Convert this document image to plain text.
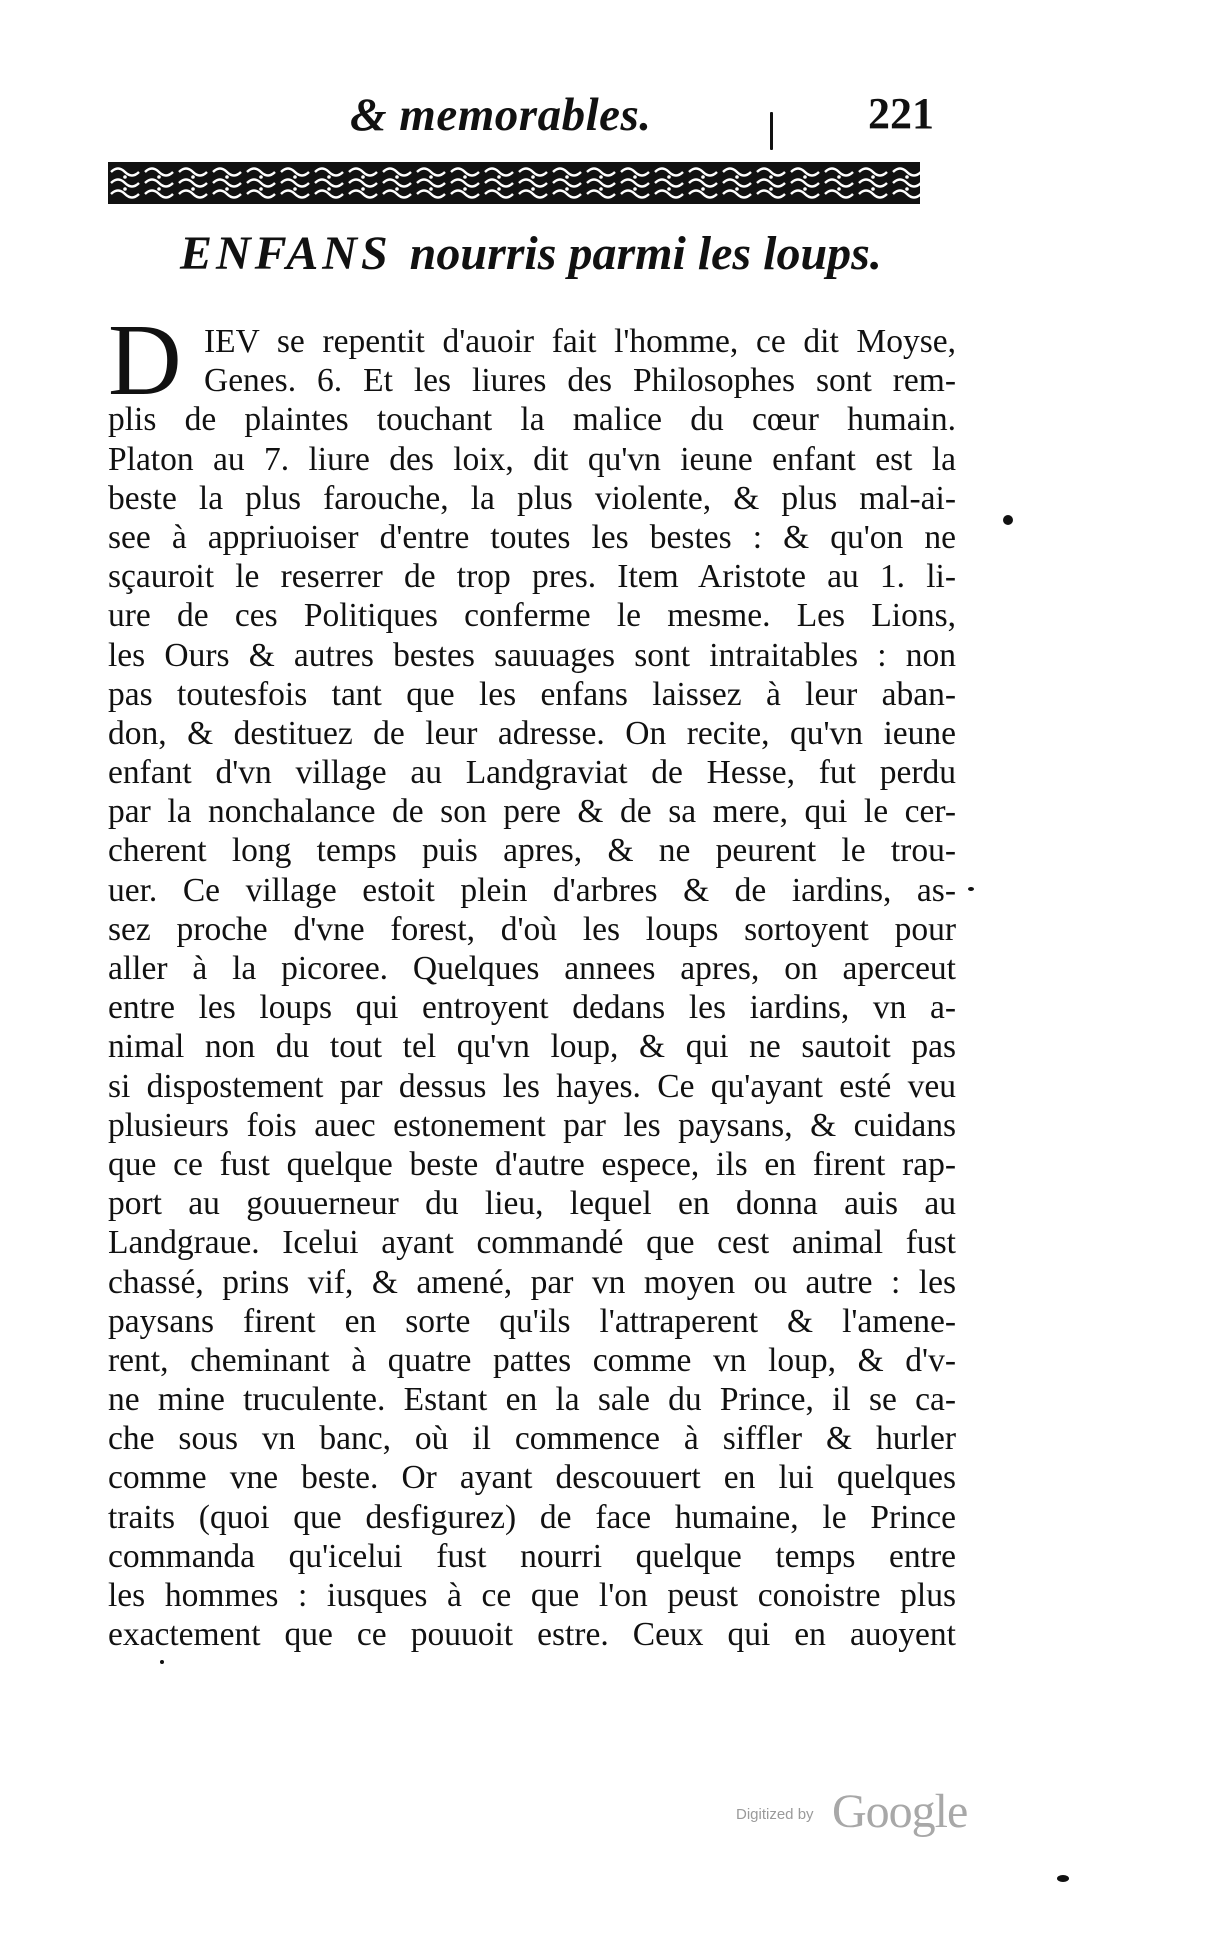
& memorables.	221
ENFANS nourris parmi les loups.
D IEV se repentit d'auoir fait l'homme, ce dit Moyse,
Genes. 6. Et les liures des Philosophes sont rem-
plis de plaintes touchant la malice du cœur humain.
Platon au 7. liure des loix, dit qu'vn ieune enfant est la
beste la plus farouche, la plus violente, & plus mal-ai-
see à appriuoiser d'entre toutes les bestes : & qu'on ne
sçauroit le reserrer de trop pres. Item Aristote au 1. li-
ure de ces Politiques conferme le mesme. Les Lions,
les Ours & autres bestes sauuages sont intraitables : non
pas toutesfois tant que les enfans laissez à leur aban-
don, & destituez de leur adresse. On recite, qu'vn ieune
enfant d'vn village au Landgraviat de Hesse, fut perdu
par la nonchalance de son pere & de sa mere, qui le cer-
cherent long temps puis apres, & ne peurent le trou-
uer. Ce village estoit plein d'arbres & de iardins, as-
sez proche d'vne forest, d'où les loups sortoyent pour
aller à la picoree. Quelques annees apres, on aperceut
entre les loups qui entroyent dedans les iardins, vn a-
nimal non du tout tel qu'vn loup, & qui ne sautoit pas
si dispostement par dessus les hayes. Ce qu'ayant esté veu
plusieurs fois auec estonement par les paysans, & cuidans
que ce fust quelque beste d'autre espece, ils en firent rap-
port au gouuerneur du lieu, lequel en donna auis au
Landgraue. Icelui ayant commandé que cest animal fust
chassé, prins vif, & amené, par vn moyen ou autre : les
paysans firent en sorte qu'ils l'attraperent & l'amene-
rent, cheminant à quatre pattes comme vn loup, & d'v-
ne mine truculente. Estant en la sale du Prince, il se ca-
che sous vn banc, où il commence à siffler & hurler
comme vne beste. Or ayant descouuert en lui quelques
traits (quoi que desfigurez) de face humaine, le Prince
commanda qu'icelui fust nourri quelque temps entre
les hommes : iusques à ce que l'on peust conoistre plus
exactement que ce pouuoit estre. Ceux qui en auoyent
Digitized by Google
